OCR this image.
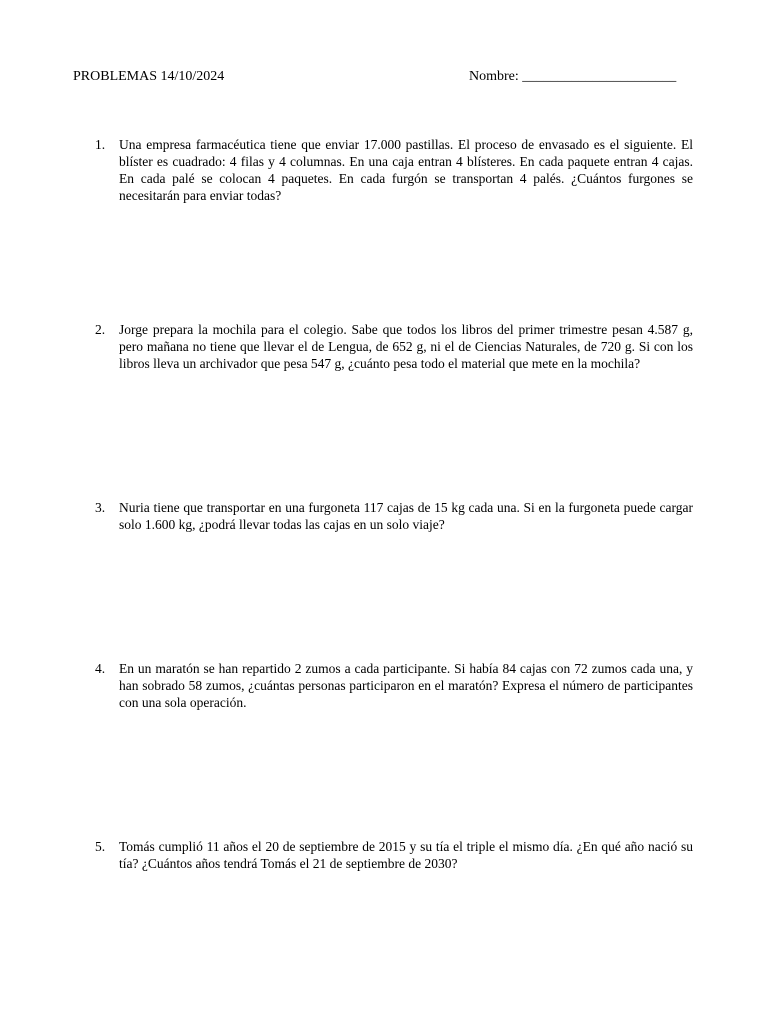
PROBLEMAS 14/10/2024	Nombre: ______________________
1.	Una empresa farmacéutica tiene que enviar 17.000 pastillas. El proceso de envasado es el siguiente. El blíster es cuadrado: 4 filas y 4 columnas. En una caja entran 4 blísteres. En cada paquete entran 4 cajas. En cada palé se colocan 4 paquetes. En cada furgón se transportan 4 palés. ¿Cuántos furgones se necesitarán para enviar todas?
2.	Jorge prepara la mochila para el colegio. Sabe que todos los libros del primer trimestre pesan 4.587 g, pero mañana no tiene que llevar el de Lengua, de 652 g, ni el de Ciencias Naturales, de 720 g. Si con los libros lleva un archivador que pesa 547 g, ¿cuánto pesa todo el material que mete en la mochila?
3.	Nuria tiene que transportar en una furgoneta 117 cajas de 15 kg cada una. Si en la furgoneta puede cargar solo 1.600 kg, ¿podrá llevar todas las cajas en un solo viaje?
4.	En un maratón se han repartido 2 zumos a cada participante. Si había 84 cajas con 72 zumos cada una, y han sobrado 58 zumos, ¿cuántas personas participaron en el maratón? Expresa el número de participantes con una sola operación.
5.	Tomás cumplió 11 años el 20 de septiembre de 2015 y su tía el triple el mismo día. ¿En qué año nació su tía? ¿Cuántos años tendrá Tomás el 21 de septiembre de 2030?
